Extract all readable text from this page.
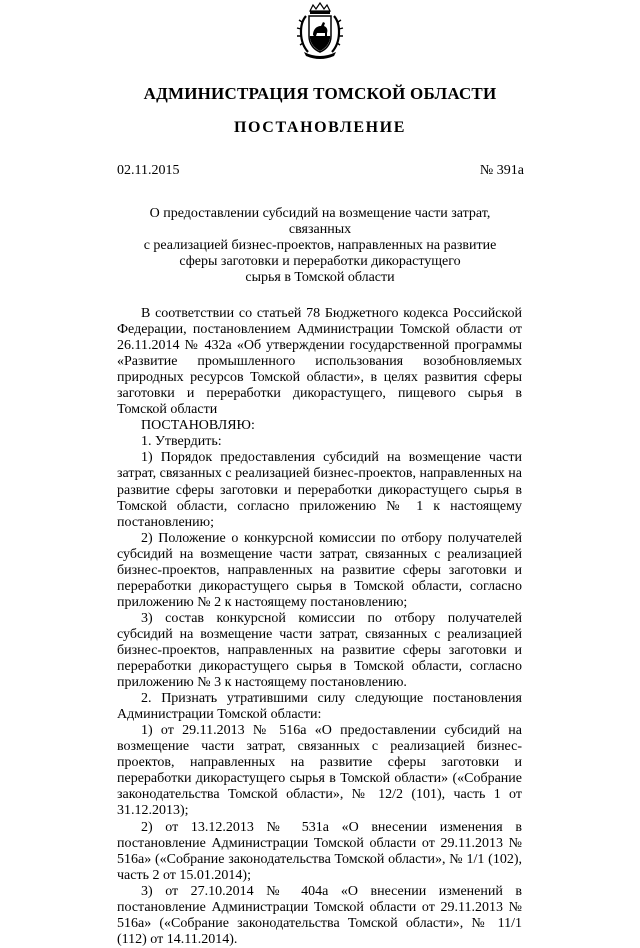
АДМИНИСТРАЦИЯ ТОМСКОЙ ОБЛАСТИ
ПОСТАНОВЛЕНИЕ
02.11.2015	№ 391а
О предоставлении субсидий на возмещение части затрат, связанных
с реализацией бизнес-проектов, направленных на развитие
сферы заготовки и переработки дикорастущего
сырья в Томской области

В соответствии со статьей 78 Бюджетного кодекса Российской Федерации, постановлением Администрации Томской области от 26.11.2014 № 432а «Об утверждении государственной программы «Развитие промышленного использования возобновляемых природных ресурсов Томской области», в целях развития сферы заготовки и переработки дикорастущего, пищевого сырья в Томской области

ПОСТАНОВЛЯЮ:

1. Утвердить:

1) Порядок предоставления субсидий на возмещение части затрат, связанных с реализацией бизнес-проектов, направленных на развитие сферы заготовки и переработки дикорастущего сырья в Томской области, согласно приложению № 1 к настоящему постановлению;

2) Положение о конкурсной комиссии по отбору получателей субсидий на возмещение части затрат, связанных с реализацией бизнес-проектов, направленных на развитие сферы заготовки и переработки дикорастущего сырья в Томской области, согласно приложению № 2 к настоящему постановлению;

3) состав конкурсной комиссии по отбору получателей субсидий на возмещение части затрат, связанных с реализацией бизнес-проектов, направленных на развитие сферы заготовки и переработки дикорастущего сырья в Томской области, согласно приложению № 3 к настоящему постановлению.

2. Признать утратившими силу следующие постановления Администрации Томской области:

1) от 29.11.2013 № 516а «О предоставлении субсидий на возмещение части затрат, связанных с реализацией бизнес-проектов, направленных на развитие сферы заготовки и переработки дикорастущего сырья в Томской области» («Собрание законодательства Томской области», № 12/2 (101), часть 1 от 31.12.2013);

2) от 13.12.2013 № 531а «О внесении изменения в постановление Администрации Томской области от 29.11.2013 № 516а» («Собрание законодательства Томской области», № 1/1 (102), часть 2 от 15.01.2014);

3) от 27.10.2014 № 404а «О внесении изменений в постановление Администрации Томской области от 29.11.2013 № 516а» («Собрание законодательства Томской области», № 11/1 (112) от 14.11.2014).
